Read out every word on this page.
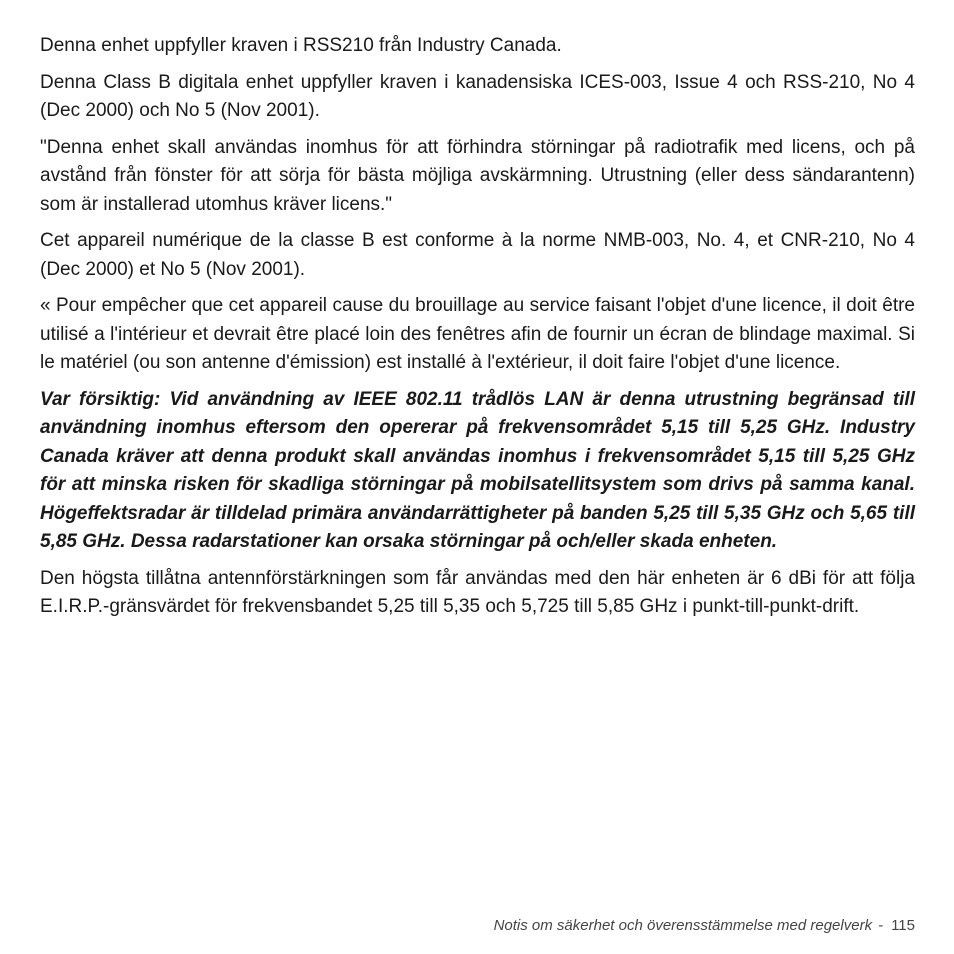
Denna enhet uppfyller kraven i RSS210 från Industry Canada.

Denna Class B digitala enhet uppfyller kraven i kanadensiska ICES-003, Issue 4 och RSS-210, No 4 (Dec 2000) och No 5 (Nov 2001).

"Denna enhet skall användas inomhus för att förhindra störningar på radiotrafik med licens, och på avstånd från fönster för att sörja för bästa möjliga avskärmning. Utrustning (eller dess sändarantenn) som är installerad utomhus kräver licens."

Cet appareil numérique de la classe B est conforme à la norme NMB-003, No. 4, et CNR-210, No 4 (Dec 2000) et No 5 (Nov 2001).

« Pour empêcher que cet appareil cause du brouillage au service faisant l'objet d'une licence, il doit être utilisé a l'intérieur et devrait être placé loin des fenêtres afin de fournir un écran de blindage maximal. Si le matériel (ou son antenne d'émission) est installé à l'extérieur, il doit faire l'objet d'une licence.

Var försiktig: Vid användning av IEEE 802.11 trådlös LAN är denna utrustning begränsad till användning inomhus eftersom den opererar på frekvensområdet 5,15 till 5,25 GHz. Industry Canada kräver att denna produkt skall användas inomhus i frekvensområdet 5,15 till 5,25 GHz för att minska risken för skadliga störningar på mobilsatellitsystem som drivs på samma kanal. Högeffektsradar är tilldelad primära användarrättigheter på banden 5,25 till 5,35 GHz och 5,65 till 5,85 GHz. Dessa radarstationer kan orsaka störningar på och/eller skada enheten.

Den högsta tillåtna antennförstärkningen som får användas med den här enheten är 6 dBi för att följa E.I.R.P.-gränsvärdet för frekvensbandet 5,25 till 5,35 och 5,725 till 5,85 GHz i punkt-till-punkt-drift.

Notis om säkerhet och överensstämmelse med regelverk - 115
